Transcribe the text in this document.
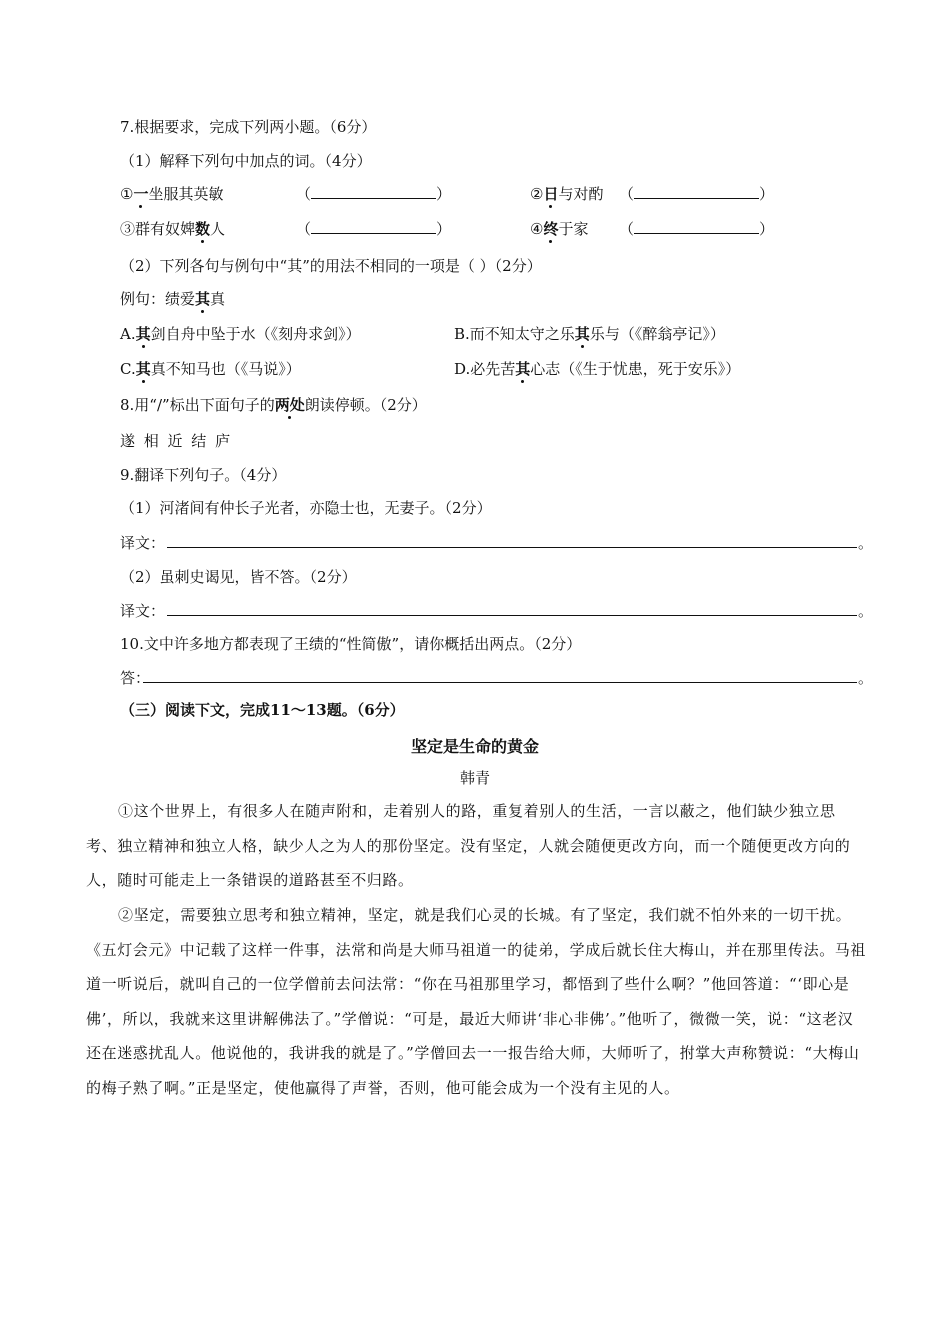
7.根据要求，完成下列两小题。（6分）
（1）解释下列句中加点的词。（4分）
①一坐服其英敏	（	）	②日与对酌 （	）
③群有奴婢数人	（	）	④终于家 （	）
（2）下列各句与例句中“其”的用法不相同的一项是（ ）（2分）
例句：绩爱其真
A.其剑自舟中坠于水（《刻舟求剑》）	B.而不知太守之乐其乐与（《醉翁亭记》）
C.其真不知马也（《马说》）	D.必先苦其心志（《生于忧患，死于安乐》）
8.用“/”标出下面句子的两处朗读停顿。（2分）
遂 相 近 结 庐
9.翻译下列句子。（4分）
（1）河渚间有仲长子光者，亦隐士也，无妻子。（2分）
译文：	。
（2）虽刺史谒见，皆不答。（2分）
译文：	。
10.文中许多地方都表现了王绩的“性简傲”，请你概括出两点。（2分）
答：	。
（三）阅读下文，完成11～13题。（6分）
坚定是生命的黄金
韩青
①这个世界上，有很多人在随声附和，走着别人的路，重复着别人的生活，一言以蔽之，他们缺少独立思考、独立精神和独立人格，缺少人之为人的那份坚定。没有坚定，人就会随便更改方向，而一个随便更改方向的人，随时可能走上一条错误的道路甚至不归路。
②坚定，需要独立思考和独立精神，坚定，就是我们心灵的长城。有了坚定，我们就不怕外来的一切干扰。《五灯会元》中记载了这样一件事，法常和尚是大师马祖道一的徒弟，学成后就长住大梅山，并在那里传法。马祖道一听说后，就叫自己的一位学僧前去问法常：“你在马祖那里学习，都悟到了些什么啊？”他回答道：“‘即心是佛’，所以，我就来这里讲解佛法了。”学僧说：“可是，最近大师讲‘非心非佛’。”他听了，微微一笑，说：“这老汉还在迷惑扰乱人。他说他的，我讲我的就是了。”学僧回去一一报告给大师，大师听了，拊掌大声称赞说：“大梅山的梅子熟了啊。”正是坚定，使他赢得了声誉，否则，他可能会成为一个没有主见的人。
